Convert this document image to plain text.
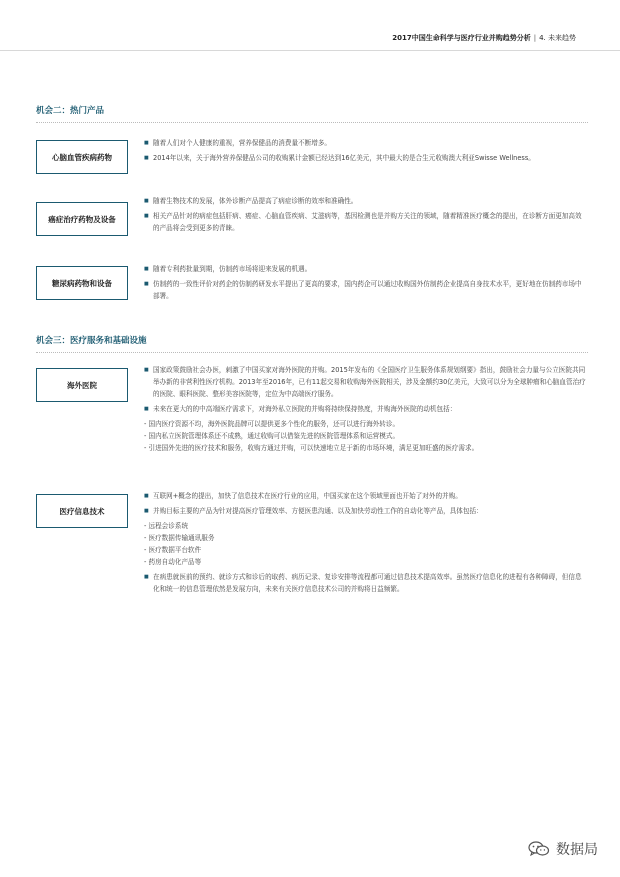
2017中国生命科学与医疗行业并购趋势分析 | 4. 未来趋势
机会二：热门产品
心脑血管疾病药物
■ 随着人们对个人健康的重视，营养保健品的消费量不断增多。
■ 2014年以来，关于海外营养保健品公司的收购累计金额已经达到16亿美元，其中最大的是合生元收购澳大利亚Swisse Wellness。
癌症治疗药物及设备
■ 随着生物技术的发展，体外诊断产品提高了病症诊断的效率和准确性。
■ 相关产品针对的病症包括肝病、癌症、心脑血管疾病、艾滋病等，基因检测也是并购方关注的领域，随着精准医疗概念的提出，在诊断方面更加高效的产品将会受到更多的青睐。
糖尿病药物和设备
■ 随着专利药批量到期，仿制药市场将迎来发展的机遇。
■ 仿制药的一致性评价对药企的仿制药研发水平提出了更高的要求，国内药企可以通过收购国外仿制药企业提高自身技术水平，更好地在仿制药市场中部署。
机会三：医疗服务和基础设施
海外医院
■ 国家政策鼓励社会办医，刺激了中国买家对海外医院的并购。2015年发布的《全国医疗卫生服务体系规划纲要》指出，鼓励社会力量与公立医院共同举办新的非营利性医疗机构。2013年至2016年，已有11起交易和收购海外医院相关，涉及金额约30亿美元，大致可以分为全球肿瘤和心脑血管治疗的医院、眼科医院、整形美容医院等，定位为中高端医疗服务。
■ 未来在更大的的中高端医疗需求下，对海外私立医院的并购将持续保持热度，并购海外医院的动机包括：
- 国内医疗资源不均，海外医院品牌可以提供更多个性化的服务，还可以进行海外转诊。
- 国内私立医院管理体系还不成熟，通过收购可以借鉴先进的医院管理体系和运营模式。
- 引进国外先进的医疗技术和服务，收购方通过并购，可以快速地立足于新的市场环境，满足更加旺盛的医疗需求。
医疗信息技术
■ 互联网+概念的提出，加快了信息技术在医疗行业的应用，中国买家在这个领域里面也开始了对外的并购。
■ 并购目标主要的产品为针对提高医疗管理效率、方便医患沟通、以及加快劳动性工作的自动化等产品，具体包括：
- 远程会诊系统
- 医疗数据传输通讯服务
- 医疗数据平台软件
- 药房自动化产品等
■ 在病患就医前的预约、就诊方式和诊后的取药、病历记录、复诊安排等流程都可通过信息技术提高效率。虽然医疗信息化的进程有各种障碍，但信息化和统一的信息管理依然是发展方向，未来有关医疗信息技术公司的并购将日益频繁。
数据局
